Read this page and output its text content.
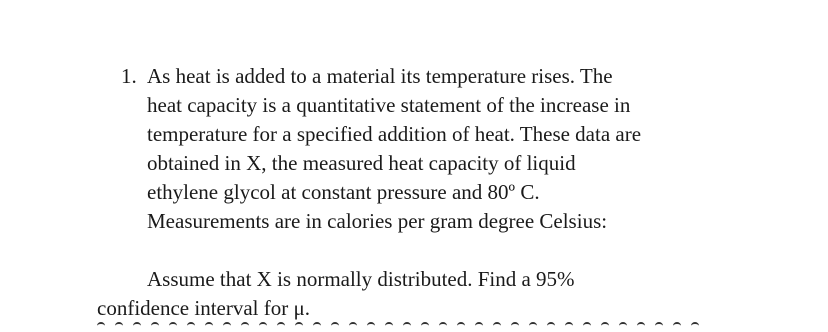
1. As heat is added to a material its temperature rises. The
heat capacity is a quantitative statement of the increase in
temperature for a specified addition of heat. These data are
obtained in X, the measured heat capacity of liquid
ethylene glycol at constant pressure and 80º C.
Measurements are in calories per gram degree Celsius:
Assume that X is normally distributed. Find a 95%
confidence interval for μ.
